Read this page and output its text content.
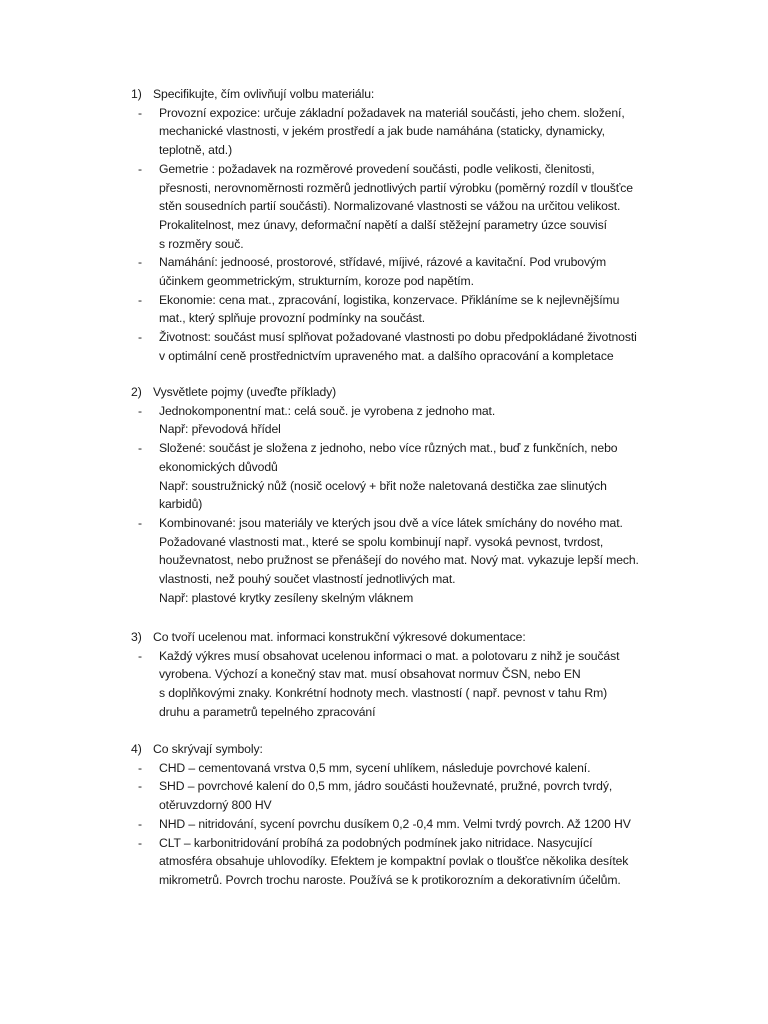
1) Specifikujte, čím ovlivňují volbu materiálu:
- Provozní expozice: určuje základní požadavek na materiál součásti, jeho chem. složení,
mechanické vlastnosti, v jekém prostředí a jak bude namáhána (staticky, dynamicky,
teplotně, atd.)
- Gemetrie : požadavek na rozměrové provedení součásti, podle velikosti, členitosti,
přesnosti, nerovnoměrnosti rozměrů jednotlivých partií výrobku (poměrný rozdíl v tloušťce
stěn sousedních partií součásti). Normalizované vlastnosti se vážou na určitou velikost.
Prokalitelnost, mez únavy, deformační napětí a další stěžejní parametry úzce souvisí
s rozměry souč.
- Namáhání: jednoosé, prostorové, střídavé, míjivé, rázové a kavitační. Pod vrubovým
účinkem geommetrickým, strukturním, koroze pod napětím.
- Ekonomie: cena mat., zpracování, logistika, konzervace. Přikláníme se k nejlevnějšímu
mat., který splňuje provozní podmínky na součást.
- Životnost: součást musí splňovat požadované vlastnosti po dobu předpokládané životnosti
v optimální ceně prostřednictvím upraveného mat. a dalšího opracování a kompletace
2) Vysvětlete pojmy (uveďte příklady)
- Jednokomponentní mat.: celá souč. je vyrobena z jednoho mat.
Např: převodová hřídel
- Složené: součást je složena z jednoho, nebo více různých mat., buď z funkčních, nebo
ekonomických důvodů
Např: soustružnický nůž (nosič ocelový + břit nože naletovaná destička zae slinutých
karbidů)
- Kombinované: jsou materiály ve kterých jsou dvě a více látek smíchány do nového mat.
Požadované vlastnosti mat., které se spolu kombinují např. vysoká pevnost, tvrdost,
houževnatost, nebo pružnost se přenášejí do nového mat. Nový mat. vykazuje lepší mech.
vlastnosti, než pouhý součet vlastností jednotlivých mat.
Např: plastové krytky zesíleny skelným vláknem
3) Co tvoří ucelenou mat. informaci konstrukční výkresové dokumentace:
- Každý výkres musí obsahovat ucelenou informaci o mat. a polotovaru z nihž je součást
vyrobena. Výchozí a konečný stav mat. musí obsahovat normuv ČSN, nebo EN
s doplňkovými znaky. Konkrétní hodnoty mech. vlastností ( např. pevnost v tahu Rm)
druhu a parametrů tepelného zpracování
4) Co skrývají symboly:
- CHD – cementovaná vrstva 0,5 mm, sycení uhlíkem, následuje povrchové kalení.
- SHD – povrchové kalení do 0,5 mm, jádro součásti houževnaté, pružné, povrch tvrdý,
otěruvzdorný 800 HV
- NHD – nitridování, sycení povrchu dusíkem 0,2 -0,4 mm. Velmi tvrdý povrch. Až 1200 HV
- CLT – karbonitridování probíhá za podobných podmínek jako nitridace. Nasycující
atmosféra obsahuje uhlovodíky. Efektem je kompaktní povlak o tloušťce několika desítek
mikrometrů. Povrch trochu naroste. Používá se k protikorozním a dekorativním účelům.
